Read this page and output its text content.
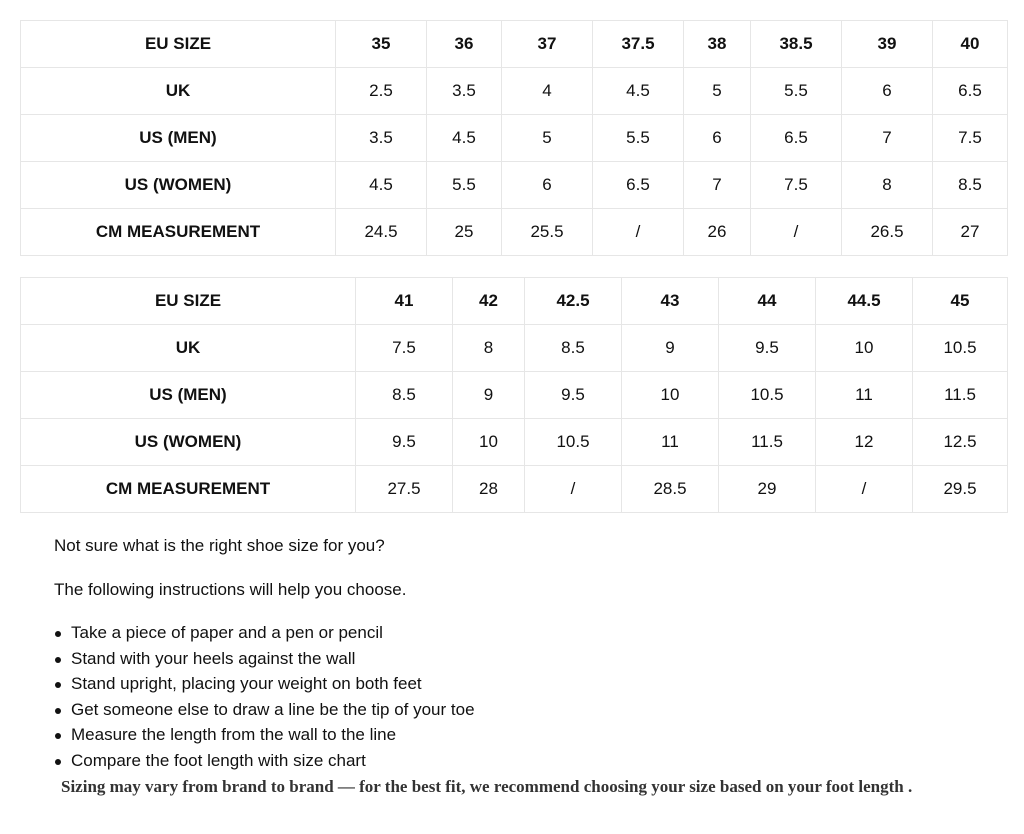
EU SIZE	35	36	37	37.5	38	38.5	39	40
UK	2.5	3.5	4	4.5	5	5.5	6	6.5
US (MEN)	3.5	4.5	5	5.5	6	6.5	7	7.5
US (WOMEN)	4.5	5.5	6	6.5	7	7.5	8	8.5
CM MEASUREMENT	24.5	25	25.5	/	26	/	26.5	27
EU SIZE	41	42	42.5	43	44	44.5	45
UK	7.5	8	8.5	9	9.5	10	10.5
US (MEN)	8.5	9	9.5	10	10.5	11	11.5
US (WOMEN)	9.5	10	10.5	11	11.5	12	12.5
CM MEASUREMENT	27.5	28	/	28.5	29	/	29.5

Not sure what is the right shoe size for you?

The following instructions will help you choose.

Take a piece of paper and a pen or pencil
Stand with your heels against the wall
Stand upright, placing your weight on both feet
Get someone else to draw a line be the tip of your toe
Measure the length from the wall to the line
Compare the foot length with size chart

Sizing may vary from brand to brand — for the best fit, we recommend choosing your size based on your foot length .
